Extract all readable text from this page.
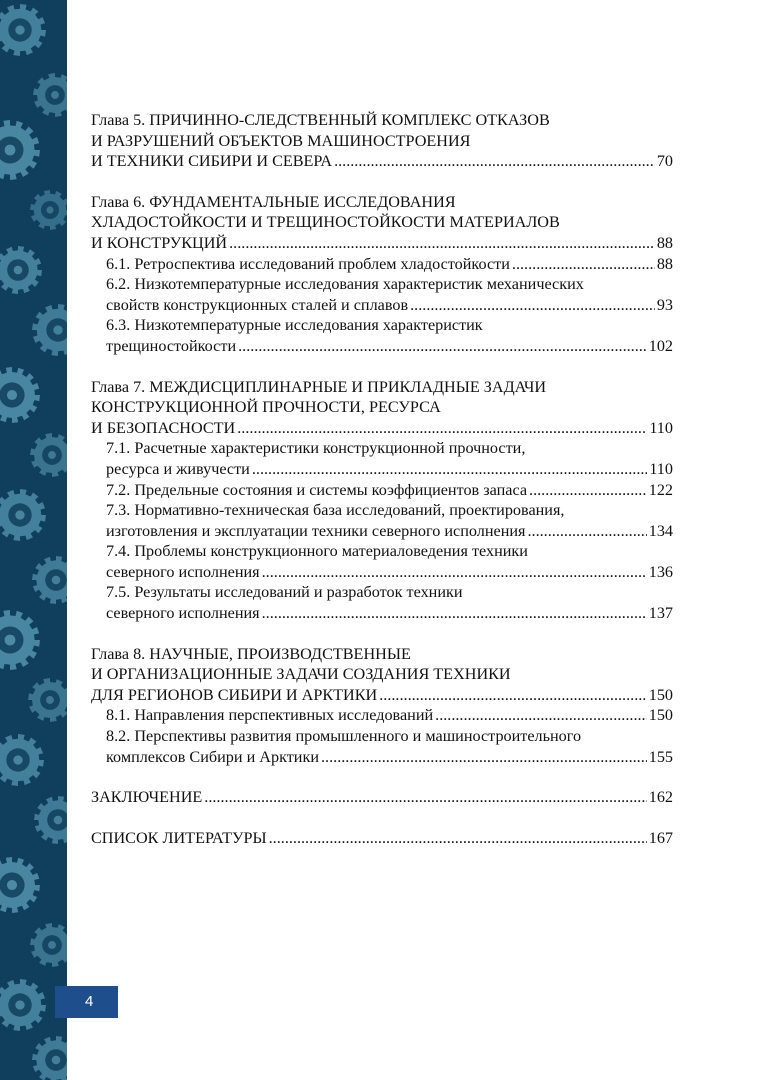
Глава 5. ПРИЧИННО-СЛЕДСТВЕННЫЙ КОМПЛЕКС ОТКАЗОВ
И РАЗРУШЕНИЙ ОБЪЕКТОВ МАШИНОСТРОЕНИЯ
И ТЕХНИКИ СИБИРИ И СЕВЕРА .....	70
Глава 6. ФУНДАМЕНТАЛЬНЫЕ ИССЛЕДОВАНИЯ
ХЛАДОСТОЙКОСТИ И ТРЕЩИНОСТОЙКОСТИ МАТЕРИАЛОВ
И КОНСТРУКЦИЙ .....	88
6.1. Ретроспектива исследований проблем хладостойкости .....	88
6.2. Низкотемпературные исследования характеристик механических
свойств конструкционных сталей и сплавов .....	93
6.3. Низкотемпературные исследования характеристик
трещиностойкости .....	102
Глава 7. МЕЖДИСЦИПЛИНАРНЫЕ И ПРИКЛАДНЫЕ ЗАДАЧИ
КОНСТРУКЦИОННОЙ ПРОЧНОСТИ, РЕСУРСА
И БЕЗОПАСНОСТИ .....	110
7.1. Расчетные характеристики конструкционной прочности,
ресурса и живучести .....	110
7.2. Предельные состояния и системы коэффициентов запаса .....	122
7.3. Нормативно-техническая база исследований, проектирования,
изготовления и эксплуатации техники северного исполнения .....	134
7.4. Проблемы конструкционного материаловедения техники
северного исполнения .....	136
7.5. Результаты исследований и разработок техники
северного исполнения .....	137
Глава 8. НАУЧНЫЕ, ПРОИЗВОДСТВЕННЫЕ
И ОРГАНИЗАЦИОННЫЕ ЗАДАЧИ СОЗДАНИЯ ТЕХНИКИ
ДЛЯ РЕГИОНОВ СИБИРИ И АРКТИКИ .....	150
8.1. Направления перспективных исследований .....	150
8.2. Перспективы развития промышленного и машиностроительного
комплексов Сибири и Арктики .....	155
ЗАКЛЮЧЕНИЕ .....	162
СПИСОК ЛИТЕРАТУРЫ .....	167
4
